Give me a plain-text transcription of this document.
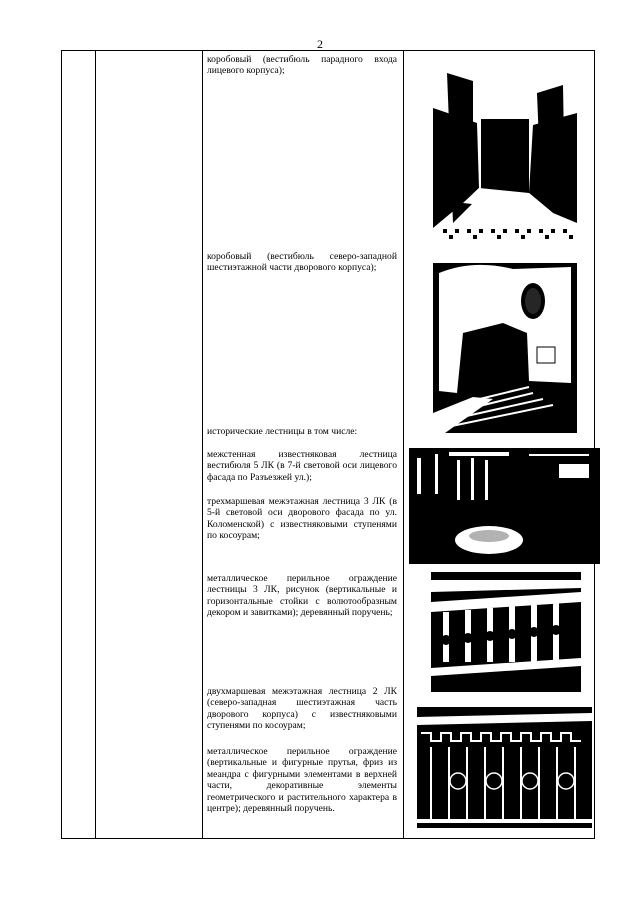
2
коробовый (вестибюль парадного входа лицевого корпуса);
коробовый (вестибюль северо-западной шестиэтажной части дворового корпуса);
исторические лестницы в том числе:
межстенная известняковая лестница вестибюля 5 ЛК (в 7-й световой оси лицевого фасада по Разъезжей ул.);
трехмаршевая межэтажная лестница 3 ЛК (в 5-й световой оси дворового фасада по ул. Коломенской) с известняковыми ступенями по косоурам;
металлическое перильное ограждение лестницы 3 ЛК, рисунок (вертикальные и горизонтальные стойки с волютообразным декором и завитками); деревянный поручень;
двухмаршевая межэтажная лестница 2 ЛК (северо-западная шестиэтажная часть дворового корпуса) с известняковыми ступенями по косоурам;
металлическое перильное ограждение (вертикальные и фигурные прутья, фриз из меандра с фигурными элементами в верхней части, декоративные элементы геометрического и растительного характера в центре); деревянный поручень.
